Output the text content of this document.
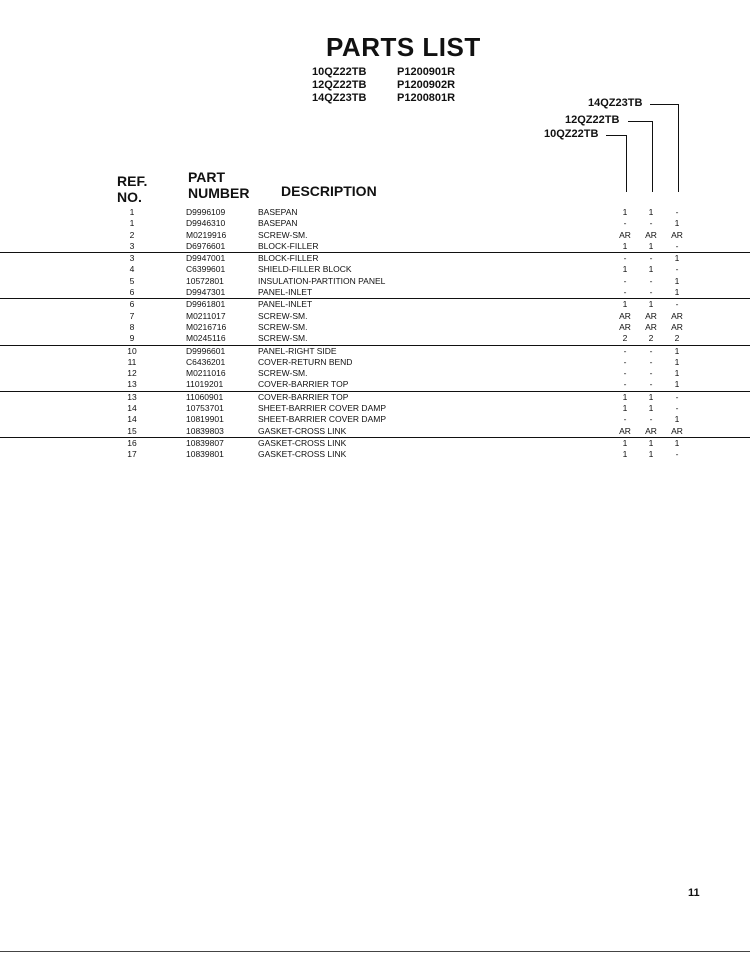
PARTS LIST
10QZ22TB	P1200901R
12QZ22TB	P1200902R
14QZ23TB	P1200801R	14QZ23TB
12QZ22TB
10QZ22TB
REF.
NO.
PART
NUMBER DESCRIPTION
1	D9996109	BASEPAN	1	1	-
1	D9946310	BASEPAN	-	-	1
2	M0219916	SCREW-SM.	AR	AR	AR
3	D6976601	BLOCK-FILLER	1	1	-
3	D9947001	BLOCK-FILLER	-	-	1
4	C6399601	SHIELD-FILLER BLOCK	1	1	-
5	10572801	INSULATION-PARTITION PANEL	-	-	1
6	D9947301	PANEL-INLET	-	-	1
6	D9961801	PANEL-INLET	1	1	-
7	M0211017	SCREW-SM.	AR	AR	AR
8	M0216716	SCREW-SM.	AR	AR	AR
9	M0245116	SCREW-SM.	2	2	2
10	D9996601	PANEL-RIGHT SIDE	-	-	1
11	C6436201	COVER-RETURN BEND	-	-	1
12	M0211016	SCREW-SM.	-	-	1
13	11019201	COVER-BARRIER TOP	-	-	1
13	11060901	COVER-BARRIER TOP	1	1	-
14	10753701	SHEET-BARRIER COVER DAMP	1	1	-
14	10819901	SHEET-BARRIER COVER DAMP	-	-	1
15	10839803	GASKET-CROSS LINK	AR	AR	AR
16	10839807	GASKET-CROSS LINK	1	1	1
17	10839801	GASKET-CROSS LINK	1	1	-
11
